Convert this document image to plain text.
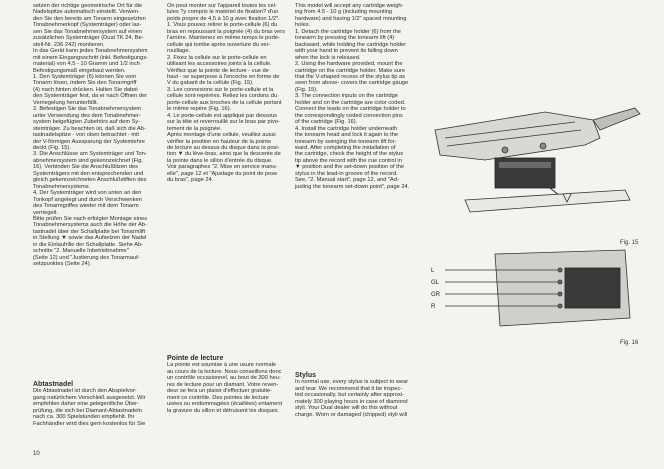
setzen der richtige geometrische Ort für die
Nadelspitze automatisch einstellt. Verwen-
den Sie den bereits am Tonarm eingesetzten
Tonabnehmerkopf (Systemträger) oder las-
sen Sie das Tonabnehmersystem auf einen
zusätzlichen Systemträger (Dual TK 24, Be-
stell-Nr. 236 242) montieren.
In das Gerät kann jedes Tonabnehmersystem
mit einem Eingangsschritt (inkl. Befestigungs-
material) von 4,5 - 10 Gramm und 1/2 inch
Befestigungsmaß eingebaut werden.
1. Den Systemträger (6) können Sie vom
Tonarm lösen, indem Sie den Tonarmgriff
(4) nach hinten drücken. Halten Sie dabei
den Systemträger fest, da er nach Öffnen der
Verriegelung herunterfällt.
2. Befestigen Sie das Tonabnehmersystem
unter Verwendung des dem Tonabnehmer-
system beigefügten Zubehörs auf dem Sy-
stemträger. Zu beachten ist, daß sich die Ab-
tastnadelspitze - von oben betrachtet - mit
der V-förmigen Aussparung der Systemlehre
deckt (Fig. 15).
3. Die Anschlüsse am Systemträger und Ton-
abnehmersystem sind gekennzeichnet (Fig.
16). Verbinden Sie die Anschlußlitzen des
Systemträgers mit den entsprechenden und
gleich gekennzeichneten Anschlußstiften des
Tonabnehmersystems.
4. Der Systemträger wird von unten an den
Tonkopf angelegt und durch Verschwenken
des Tonarmgriffes wieder mit dem Tonarm
verriegelt.
Bitte prüfen Sie nach erfolgter Montage eines
Tonabnehmersystems auch die Höhe der Ab-
tastnadel über der Schallplatte bei Tonarmlift
in Stellung ▼ sowie das Aufsetzen der Nadel
in die Einlaufrille der Schallplatte. Siehe Ab-
schnitte "2. Manuelle Inbetriebnahme"
(Seite 12) und "Justierung des Tonarmauf-
setzpunktes (Seite 24).

Abtastnadel

Die Abtastnadel ist durch den Abspielvor-
gang natürlichem Verschleiß ausgesetzt. Wir
empfehlen daher eine gelegentliche Über-
prüfung, die sich bei Diamant-Abtastnadeln
nach ca. 300 Spielstunden empfiehlt. Ihr
Fachhändler wird dies gern kostenlos für Sie

On peut monter sur l'appareil toutes les cel-
lules ?y compris le matériel de fixation? d'un
poids propre de 4,5 à 10 g avec fixation 1/2".
1. Vous pouvez retirer le porte-cellule (6) du
bras en repoussant la poignée (4) du bras vers
l'arrière. Maintenez en même temps le porte-
cellule qui tombe après ouverture du ver-
rouillage.
2. Fixez la cellule sur le porte-cellule en
utilisant les accessoires joints à la cellule.
Vérifiez que la pointe de lecture - vue de
haut - se superpose à l'encoche en forme de
V du gabarit de la cellule (Fig. 15).
3. Les connexions sur le porte-cellule et la
cellule sont repérées. Reliez les cordons du
porte-cellule aux broches de la cellule portant
le même repère (Fig. 16).
4. Le porte-cellule est appliqué par dessous
sur la tête et reverrouillé sur le bras par pivo-
tement de la poignée.
Après montage d'une cellule, veuillez aussi
vérifier la position en hauteur de la pointe
de lecture au dessus du disque dans la posi-
tion ▼ du lève-bras, ainsi que la descente de
la pointe dans le sillon d'entrée du disque.
Voir paragraphes "2. Mise en service manu-
elle", page 12 et "Ajustage du point de pose
du bras", page 24.

Pointe de lecture

La pointe est soumise à une usure normale
au cours de la lecture. Nous conseillons donc
un contrôle occasionnel, au bout de 300 heu-
res de lecture pour un diamant. Votre reven-
deur se fera un plaisir d'effectuer gratuite-
ment ce contrôle. Des pointes de lecture
usées ou endommagées (écaillées) entament
la gravure du sillon et détruisent les disques.

This model will accept any cartridge weigh-
ing from 4.5 - 10 g (including mounting
hardware) and having 1/2" spaced mounting
holes.
1. Detach the cartridge holder (6) from the
tonearm by pressing the tonearm lift (4)
backward, while holding the cartridge holder
with your hand to prevent its falling down
when the lock is released.
2. Using the hardware provided, mount the
cartridge on the cartridge holder. Make sure
that the V-shaped recess of the stylus tip as
seen from above- covers the cartridge gauge
(Fig. 15).
3. The connection inputs on the cartridge
holder and on the cartridge are color coded.
Connect the leads on the cartridge holder to
the correspondingly coded connection pins
of the cartridge (Fig. 16).
4. Install the cartridge holder underneath
the tonearm head and lock it again to the
tonearm by swinging the tonearm lift for-
ward. After completing the installation of
the cartridge, check the height of the stylus
tip above the record with the cue control in
▼ position and the set-down position of the
stylus in the lead-in groove of the record.
See, "2. Manual start", page 12, and "Ad-
justing the tonearm set-down point", page 24.

Stylus

In normal use, every stylus is subject to wear
and tear. We recommend that it be inspec-
ted occasionally, but certainly after approxi-
mately 300 playing hours in case of diamond
styli. Your Dual dealer will do this without
charge. Worn or damaged (chipped) styli will

Fig. 15
L
GL
GR
R
Fig. 16
10
